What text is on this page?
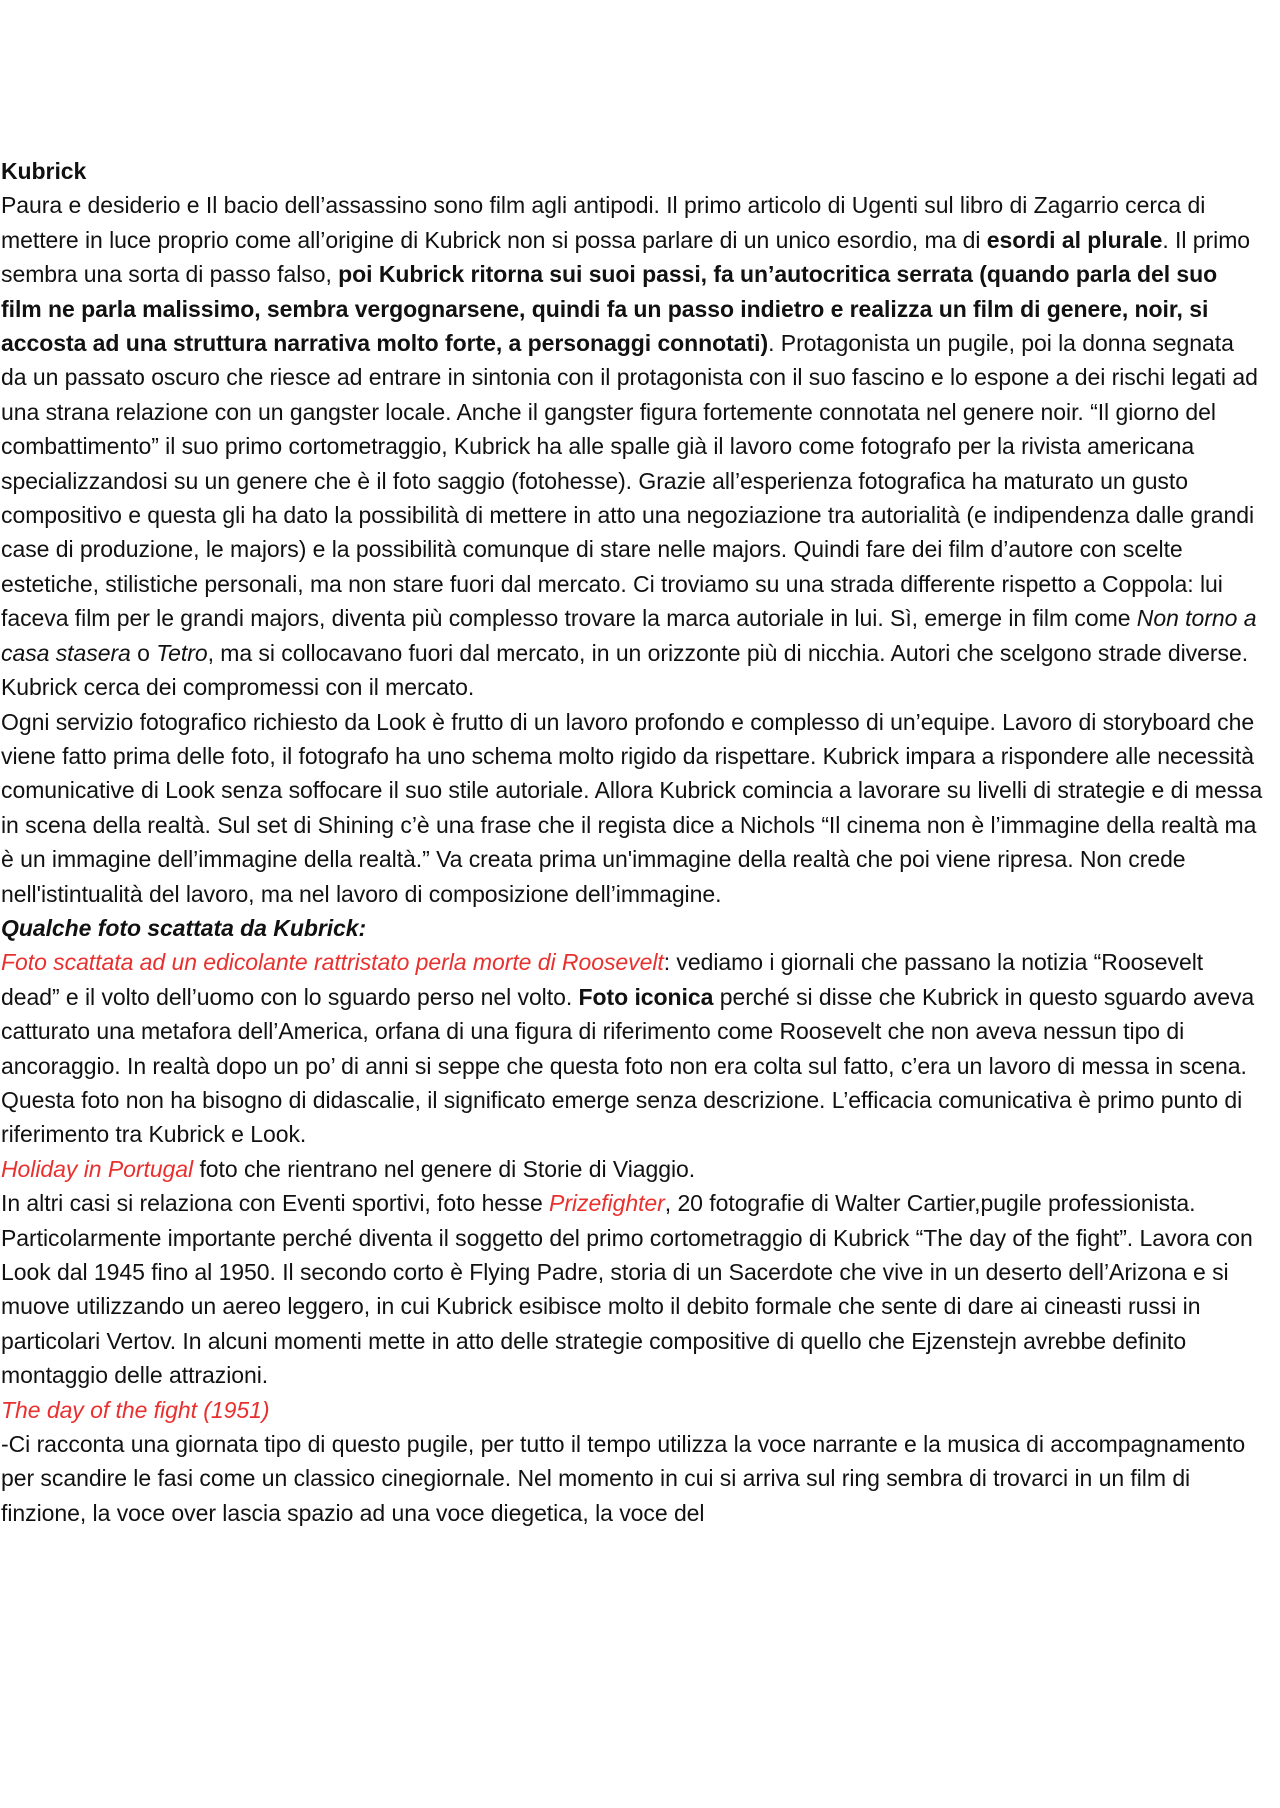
Kubrick

Paura e desiderio e Il bacio dell’assassino sono film agli antipodi. Il primo articolo di Ugenti sul libro di Zagarrio cerca di mettere in luce proprio come all’origine di Kubrick non si possa parlare di un unico esordio, ma di esordi al plurale. Il primo sembra una sorta di passo falso, poi Kubrick ritorna sui suoi passi, fa un’autocritica serrata (quando parla del suo film ne parla malissimo, sembra vergognarsene, quindi fa un passo indietro e realizza un film di genere, noir, si accosta ad una struttura narrativa molto forte, a personaggi connotati). Protagonista un pugile, poi la donna segnata da un passato oscuro che riesce ad entrare in sintonia con il protagonista con il suo fascino e lo espone a dei rischi legati ad una strana relazione con un gangster locale. Anche il gangster figura fortemente connotata nel genere noir. “Il giorno del combattimento” il suo primo cortometraggio, Kubrick ha alle spalle già il lavoro come fotografo per la rivista americana specializzandosi su un genere che è il foto saggio (fotohesse). Grazie all’esperienza fotografica ha maturato un gusto compositivo e questa gli ha dato la possibilità di mettere in atto una negoziazione tra autorialità (e indipendenza dalle grandi case di produzione, le majors) e la possibilità comunque di stare nelle majors. Quindi fare dei film d’autore con scelte estetiche, stilistiche personali, ma non stare fuori dal mercato. Ci troviamo su una strada differente rispetto a Coppola: lui faceva film per le grandi majors, diventa più complesso trovare la marca autoriale in lui. Sì, emerge in film come Non torno a casa stasera o Tetro, ma si collocavano fuori dal mercato, in un orizzonte più di nicchia. Autori che scelgono strade diverse. Kubrick cerca dei compromessi con il mercato.

Ogni servizio fotografico richiesto da Look è frutto di un lavoro profondo e complesso di un’equipe. Lavoro di storyboard che viene fatto prima delle foto, il fotografo ha uno schema molto rigido da rispettare. Kubrick impara a rispondere alle necessità comunicative di Look senza soffocare il suo stile autoriale. Allora Kubrick comincia a lavorare su livelli di strategie e di messa in scena della realtà. Sul set di Shining c’è una frase che il regista dice a Nichols “Il cinema non è l’immagine della realtà ma è un immagine dell’immagine della realtà.” Va creata prima un'immagine della realtà che poi viene ripresa. Non crede nell'istintualità del lavoro, ma nel lavoro di composizione dell’immagine.

Qualche foto scattata da Kubrick:

Foto scattata ad un edicolante rattristato perla morte di Roosevelt: vediamo i giornali che passano la notizia “Roosevelt dead” e il volto dell’uomo con lo sguardo perso nel volto. Foto iconica perché si disse che Kubrick in questo sguardo aveva catturato una metafora dell’America, orfana di una figura di riferimento come Roosevelt che non aveva nessun tipo di ancoraggio. In realtà dopo un po’ di anni si seppe che questa foto non era colta sul fatto, c’era un lavoro di messa in scena. Questa foto non ha bisogno di didascalie, il significato emerge senza descrizione. L’efficacia comunicativa è primo punto di riferimento tra Kubrick e Look.

Holiday in Portugal foto che rientrano nel genere di Storie di Viaggio.

In altri casi si relaziona con Eventi sportivi, foto hesse Prizefighter, 20 fotografie di Walter Cartier,pugile professionista. Particolarmente importante perché diventa il soggetto del primo cortometraggio di Kubrick “The day of the fight”. Lavora con Look dal 1945 fino al 1950. Il secondo corto è Flying Padre, storia di un Sacerdote che vive in un deserto dell’Arizona e si muove utilizzando un aereo leggero, in cui Kubrick esibisce molto il debito formale che sente di dare ai cineasti russi in particolari Vertov. In alcuni momenti mette in atto delle strategie compositive di quello che Ejzenstejn avrebbe definito montaggio delle attrazioni.

The day of the fight (1951)

-Ci racconta una giornata tipo di questo pugile, per tutto il tempo utilizza la voce narrante e la musica di accompagnamento per scandire le fasi come un classico cinegiornale. Nel momento in cui si arriva sul ring sembra di trovarci in un film di finzione, la voce over lascia spazio ad una voce diegetica, la voce del
